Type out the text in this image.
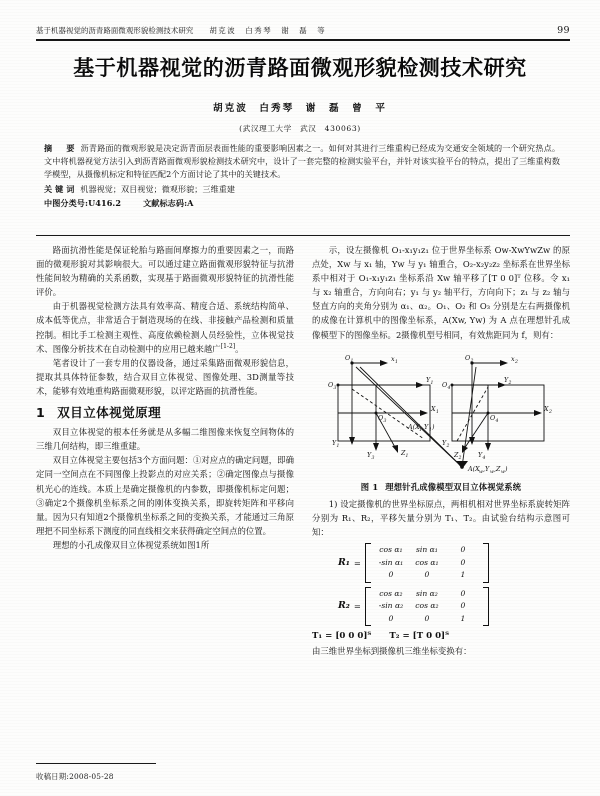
基于机器视觉的沥青路面微观形貌检测技术研究 胡克波　白秀琴　谢　磊　等	99
基于机器视觉的沥青路面微观形貌检测技术研究
胡克波　白秀琴　谢　磊　曾　平
(武汉理工大学　武汉　430063)
摘　要 沥青路面的微观形貌是决定沥青面层表面性能的重要影响因素之一。如何对其进行三维重构已经成为交通安全领域的一个研究热点。文中将机器视觉方法引入到沥青路面微观形貌检测技术研究中，设计了一套完整的检测实验平台，并针对该实验平台的特点，提出了三维重构数学模型，从摄像机标定和特征匹配2个方面讨论了其中的关键技术。
关键词 机器视觉；双目视觉；微观形貌；三维重建
中图分类号:U416.2	文献标志码:A

路面抗滑性能是保证轮胎与路面间摩擦力的重要因素之一，而路面的微观形貌对其影响很大。可以通过建立路面微观形貌特征与抗滑性能间较为精确的关系函数，实现基于路面微观形貌特征的抗滑性能评价。

由于机器视觉检测方法具有效率高、精度合适、系统结构简单、成本低等优点，非常适合于制造现场的在线、非接触产品检测和质量控制。相比手工检测主观性、高度依赖检测人员经验性，立体视觉技术、图像分析技术在自动检测中的应用已越来越广[1-2]。

笔者设计了一套专用的仪器设备，通过采集路面微观形貌信息，提取其具体特征参数，结合双目立体视觉、图像处理、3D测量等技术，能够有效地重构路面微观形貌，以评定路面的抗滑性能。

1 双目立体视觉原理

双目立体视觉的根本任务就是从多幅二维图像来恢复空间物体的三维几何结构，即三维重建。

双目立体视觉主要包括3个方面问题：①对应点的确定问题，即确定同一空间点在不同图像上投影点的对应关系；②确定图像点与摄像机光心的连线。本质上是确定摄像机的内参数，即摄像机标定问题；③确定2个摄像机坐标系之间的刚体变换关系，即旋转矩阵和平移向量。因为只有知道2个摄像机坐标系之间的变换关系，才能通过三角原理把不同坐标系下测度的同直线相交来获得确定空间点的位置。

理想的小孔成像双目立体视觉系统如图1所

示，设左摄像机 O₁-x₁y₁z₁ 位于世界坐标系 Ow-XwYwZw 的原点处，Xw 与 x₁ 轴，Yw 与 y₁ 轴重合，O₂-x₂y₂z₂ 坐标系在世界坐标系中相对于 O₁-x₁y₁z₁ 坐标系沿 Xw 轴平移了[T 0 0]ᵀ 位移。令 x₁ 与 x₂ 轴重合，方向向右；y₁ 与 y₂ 轴平行，方向向下；z₁ 与 z₂ 轴与竖直方向的夹角分别为 α₁、α₂。O₁、O₂ 和 O₃ 分别是左右两摄像机的成像在计算机中的图像坐标系，A(Xw, Yw) 为 A 点在理想针孔成像模型下的图像坐标。2摄像机型号相同，有效焦距同为 f，则有：

O 1	O 2
O 3	O 4
x 1	x 2
Y 1	Y 2
X 1	X 2
O 3	O 4
Y 3	Y 4
Z 1	Z 2
Y 1	Y 2
A(X 1 ,Y 1 )
A(X w ,Y w ,Z w )
图 1 理想针孔成像模型双目立体视觉系统

1) 设定摄像机的世界坐标原点，两相机相对世界坐标系旋转矩阵分别为 R₁、R₂，平移矢量分别为 T₁、T₂。由试验台结构示意图可知：

R₁ =
cos α₁	sin α₁	0
-sin α₁	cos α₁	0
0	0	1
R₂ =
cos α₂	sin α₂	0
-sin α₂	cos α₂	0
0	0	1
T₁ = [0 0 0]ᵀ T₂ = [T 0 0]ᵀ

由三维世界坐标到摄像机三维坐标变换有：

收稿日期:2008-05-28
